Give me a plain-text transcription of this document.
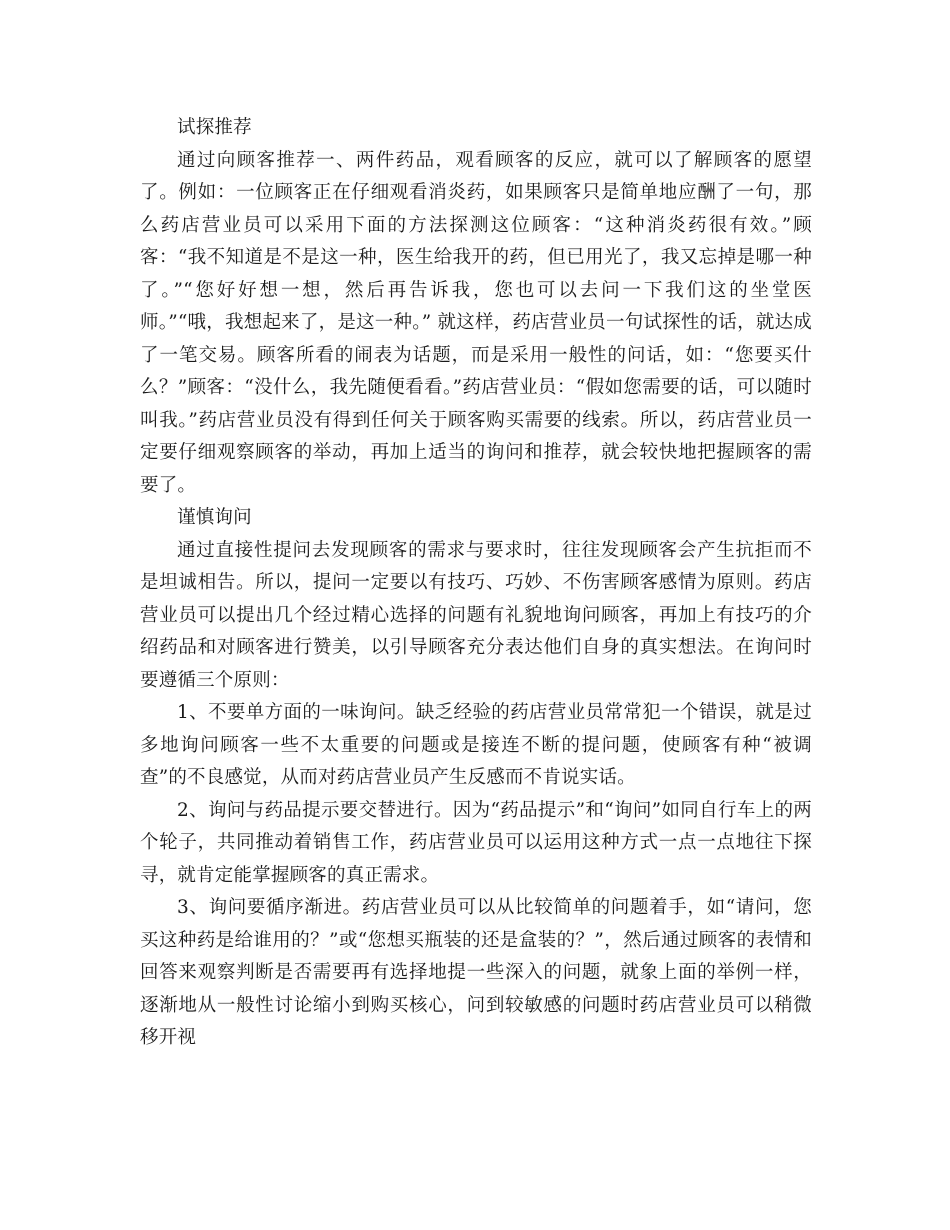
试探推荐

通过向顾客推荐一、两件药品，观看顾客的反应，就可以了解顾客的愿望了。例如：一位顾客正在仔细观看消炎药，如果顾客只是简单地应酬了一句，那么药店营业员可以采用下面的方法探测这位顾客：“这种消炎药很有效。”顾客：“我不知道是不是这一种，医生给我开的药，但已用光了，我又忘掉是哪一种了。”“您好好想一想，然后再告诉我，您也可以去问一下我们这的坐堂医师。”“哦，我想起来了，是这一种。” 就这样，药店营业员一句试探性的话，就达成了一笔交易。顾客所看的闹表为话题，而是采用一般性的问话，如：“您要买什么？”顾客：“没什么，我先随便看看。”药店营业员：“假如您需要的话，可以随时叫我。”药店营业员没有得到任何关于顾客购买需要的线索。所以，药店营业员一定要仔细观察顾客的举动，再加上适当的询问和推荐，就会较快地把握顾客的需要了。

谨慎询问

通过直接性提问去发现顾客的需求与要求时，往往发现顾客会产生抗拒而不是坦诚相告。所以，提问一定要以有技巧、巧妙、不伤害顾客感情为原则。药店营业员可以提出几个经过精心选择的问题有礼貌地询问顾客，再加上有技巧的介绍药品和对顾客进行赞美，以引导顾客充分表达他们自身的真实想法。在询问时要遵循三个原则：

1、不要单方面的一味询问。缺乏经验的药店营业员常常犯一个错误，就是过多地询问顾客一些不太重要的问题或是接连不断的提问题，使顾客有种“被调查”的不良感觉，从而对药店营业员产生反感而不肯说实话。

2、询问与药品提示要交替进行。因为“药品提示”和“询问”如同自行车上的两个轮子，共同推动着销售工作，药店营业员可以运用这种方式一点一点地往下探寻，就肯定能掌握顾客的真正需求。

3、询问要循序渐进。药店营业员可以从比较简单的问题着手，如“请问，您买这种药是给谁用的？”或“您想买瓶装的还是盒装的？”，然后通过顾客的表情和回答来观察判断是否需要再有选择地提一些深入的问题，就象上面的举例一样，逐渐地从一般性讨论缩小到购买核心，问到较敏感的问题时药店营业员可以稍微移开视
